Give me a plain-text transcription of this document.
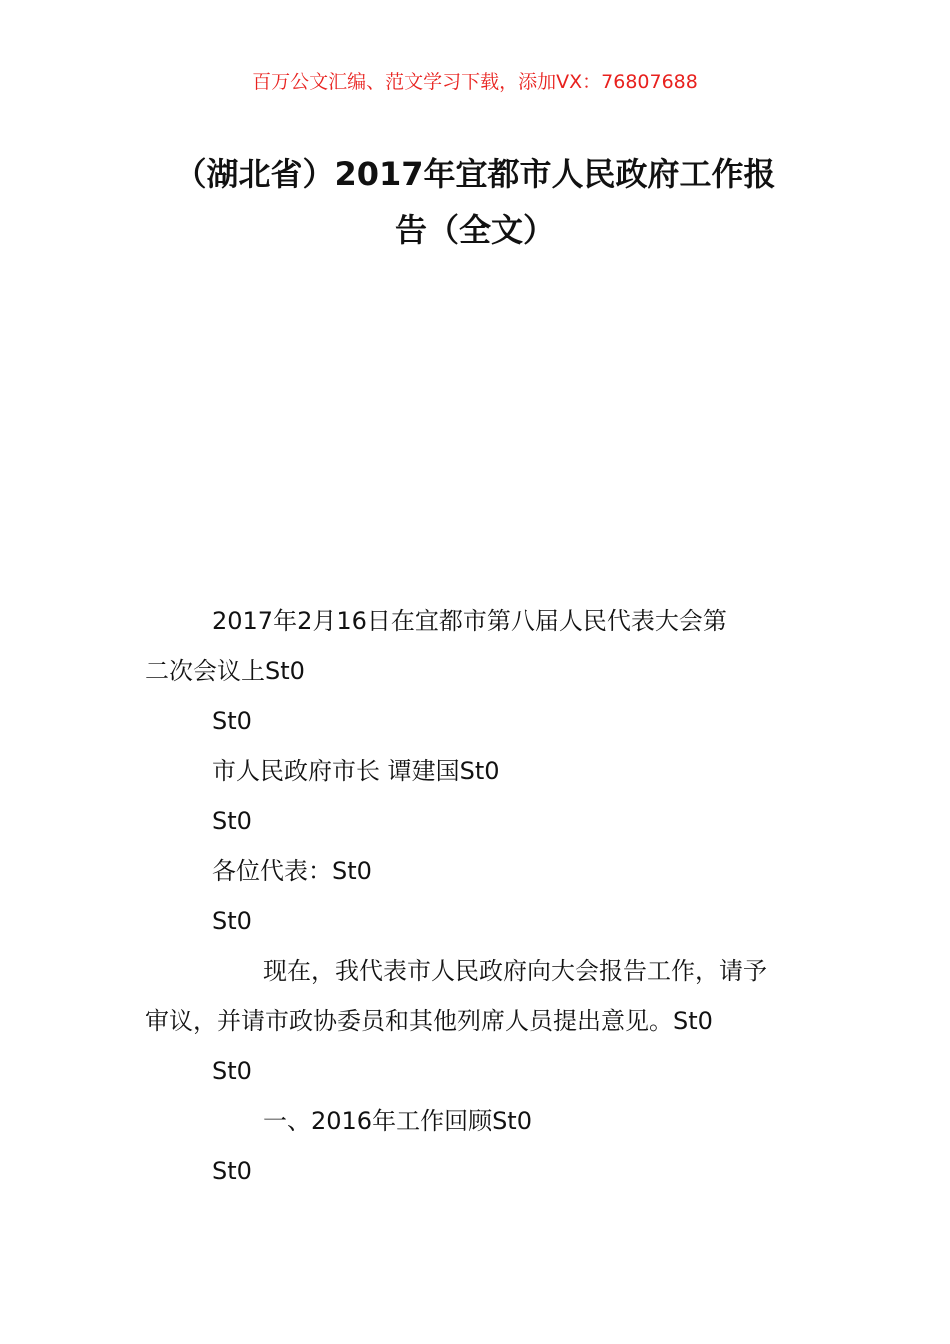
百万公文汇编、范文学习下载，添加VX：76807688
（湖北省）2017年宜都市人民政府工作报
告（全文）

2017年2月16日在宜都市第八届人民代表大会第
二次会议上St0

St0

市人民政府市长 谭建国St0

St0

各位代表：St0

St0

现在，我代表市人民政府向大会报告工作，请予
审议，并请市政协委员和其他列席人员提出意见。St0

St0

一、2016年工作回顾St0

St0
